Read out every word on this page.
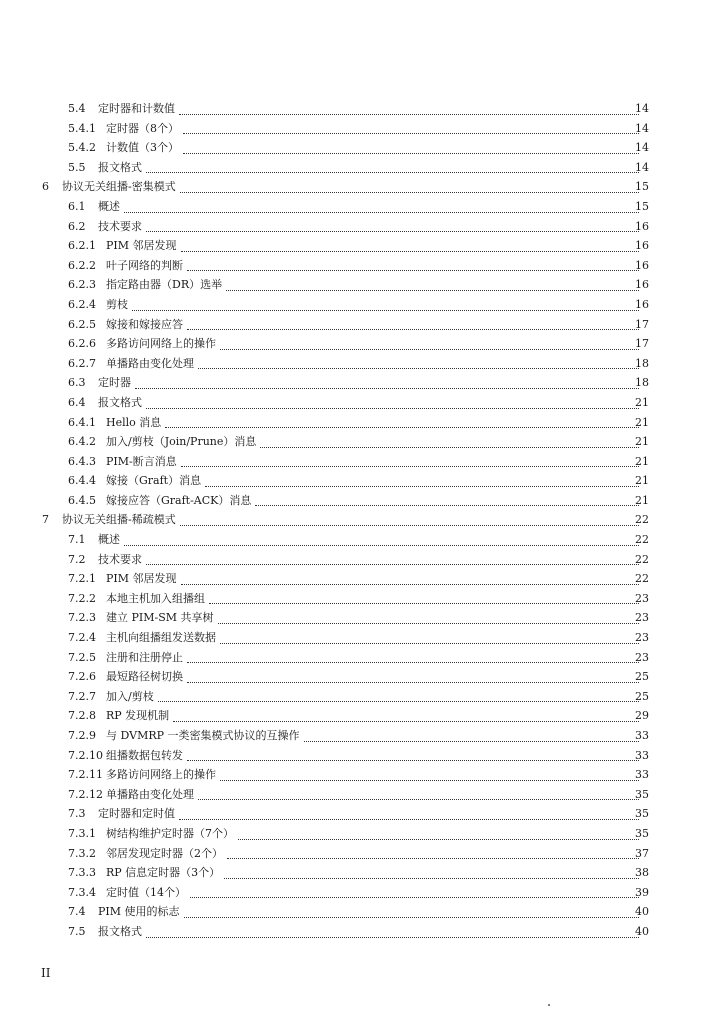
5.4	定时器和计数值	14
5.4.1 定时器（8个）	14
5.4.2 计数值（3个）	14
5.5	报文格式	14
6	协议无关组播-密集模式	15
6.1	概述	15
6.2	技术要求	16
6.2.1 PIM 邻居发现	16
6.2.2 叶子网络的判断	16
6.2.3 指定路由器（DR）选举	16
6.2.4 剪枝	16
6.2.5 嫁接和嫁接应答	17
6.2.6 多路访问网络上的操作	17
6.2.7 单播路由变化处理	18
6.3	定时器	18
6.4	报文格式	21
6.4.1 Hello 消息	21
6.4.2 加入/剪枝（Join/Prune）消息	21
6.4.3 PIM-断言消息	21
6.4.4 嫁接（Graft）消息	21
6.4.5 嫁接应答（Graft-ACK）消息	21
7	协议无关组播-稀疏模式	22
7.1	概述	22
7.2	技术要求	22
7.2.1 PIM 邻居发现	22
7.2.2 本地主机加入组播组	23
7.2.3 建立 PIM-SM 共享树	23
7.2.4 主机向组播组发送数据	23
7.2.5 注册和注册停止	23
7.2.6 最短路径树切换	25
7.2.7 加入/剪枝	25
7.2.8 RP 发现机制	29
7.2.9 与 DVMRP 一类密集模式协议的互操作	33
7.2.10 组播数据包转发	33
7.2.11 多路访问网络上的操作	33
7.2.12 单播路由变化处理	35
7.3	定时器和定时值	35
7.3.1 树结构维护定时器（7个）	35
7.3.2 邻居发现定时器（2个）	37
7.3.3 RP 信息定时器（3个）	38
7.3.4 定时值（14个）	39
7.4	PIM 使用的标志	40
7.5	报文格式	40
II
